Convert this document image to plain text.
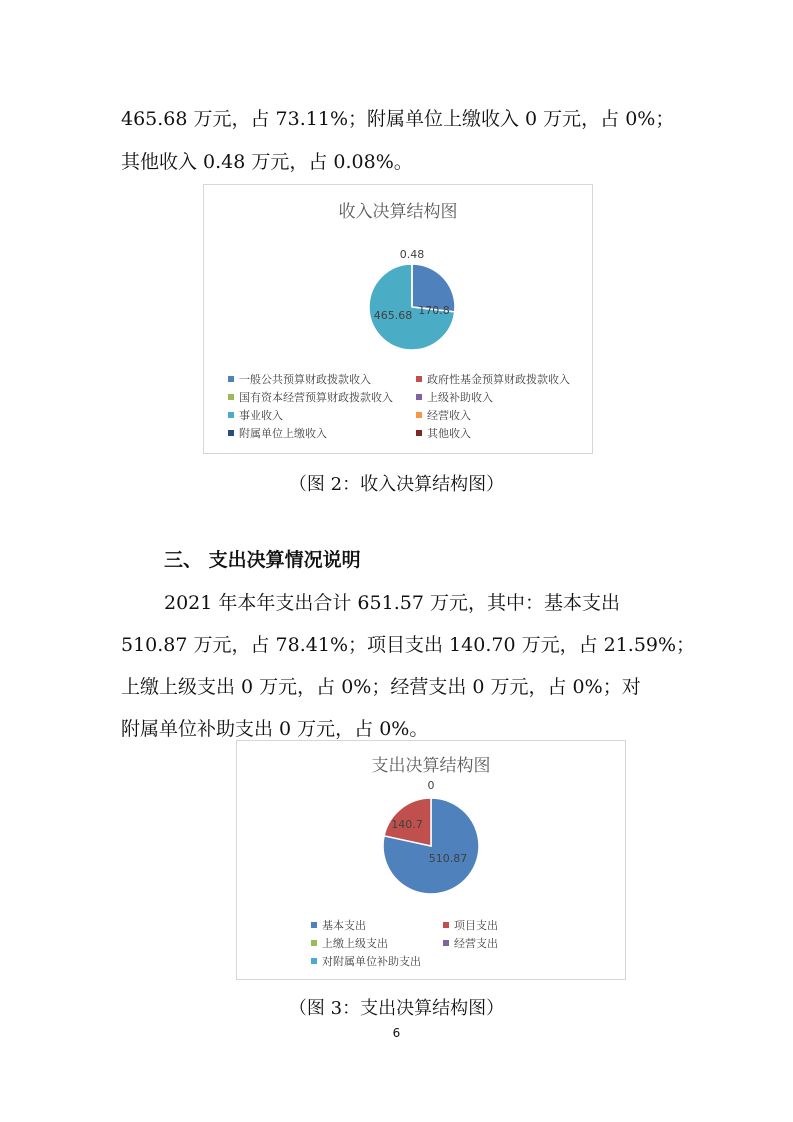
465.68 万元，占 73.11%；附属单位上缴收入 0 万元，占 0%；

其他收入 0.48 万元，占 0.08%。

收入决算结构图
170.8
465.68
0.48
一般公共预算财政拨款收入	政府性基金预算财政拨款收入
国有资本经营预算财政拨款收入	上级补助收入
事业收入	经营收入
附属单位上缴收入	其他收入
（图 2：收入决算结构图）
三、 支出决算情况说明

2021 年本年支出合计 651.57 万元，其中：基本支出

510.87 万元，占 78.41%；项目支出 140.70 万元，占 21.59%；

上缴上级支出 0 万元，占 0%；经营支出 0 万元，占 0%；对

附属单位补助支出 0 万元，占 0%。

支出决算结构图
510.87
140.7
0
基本支出	项目支出
上缴上级支出	经营支出
对附属单位补助支出
（图 3：支出决算结构图）
6
